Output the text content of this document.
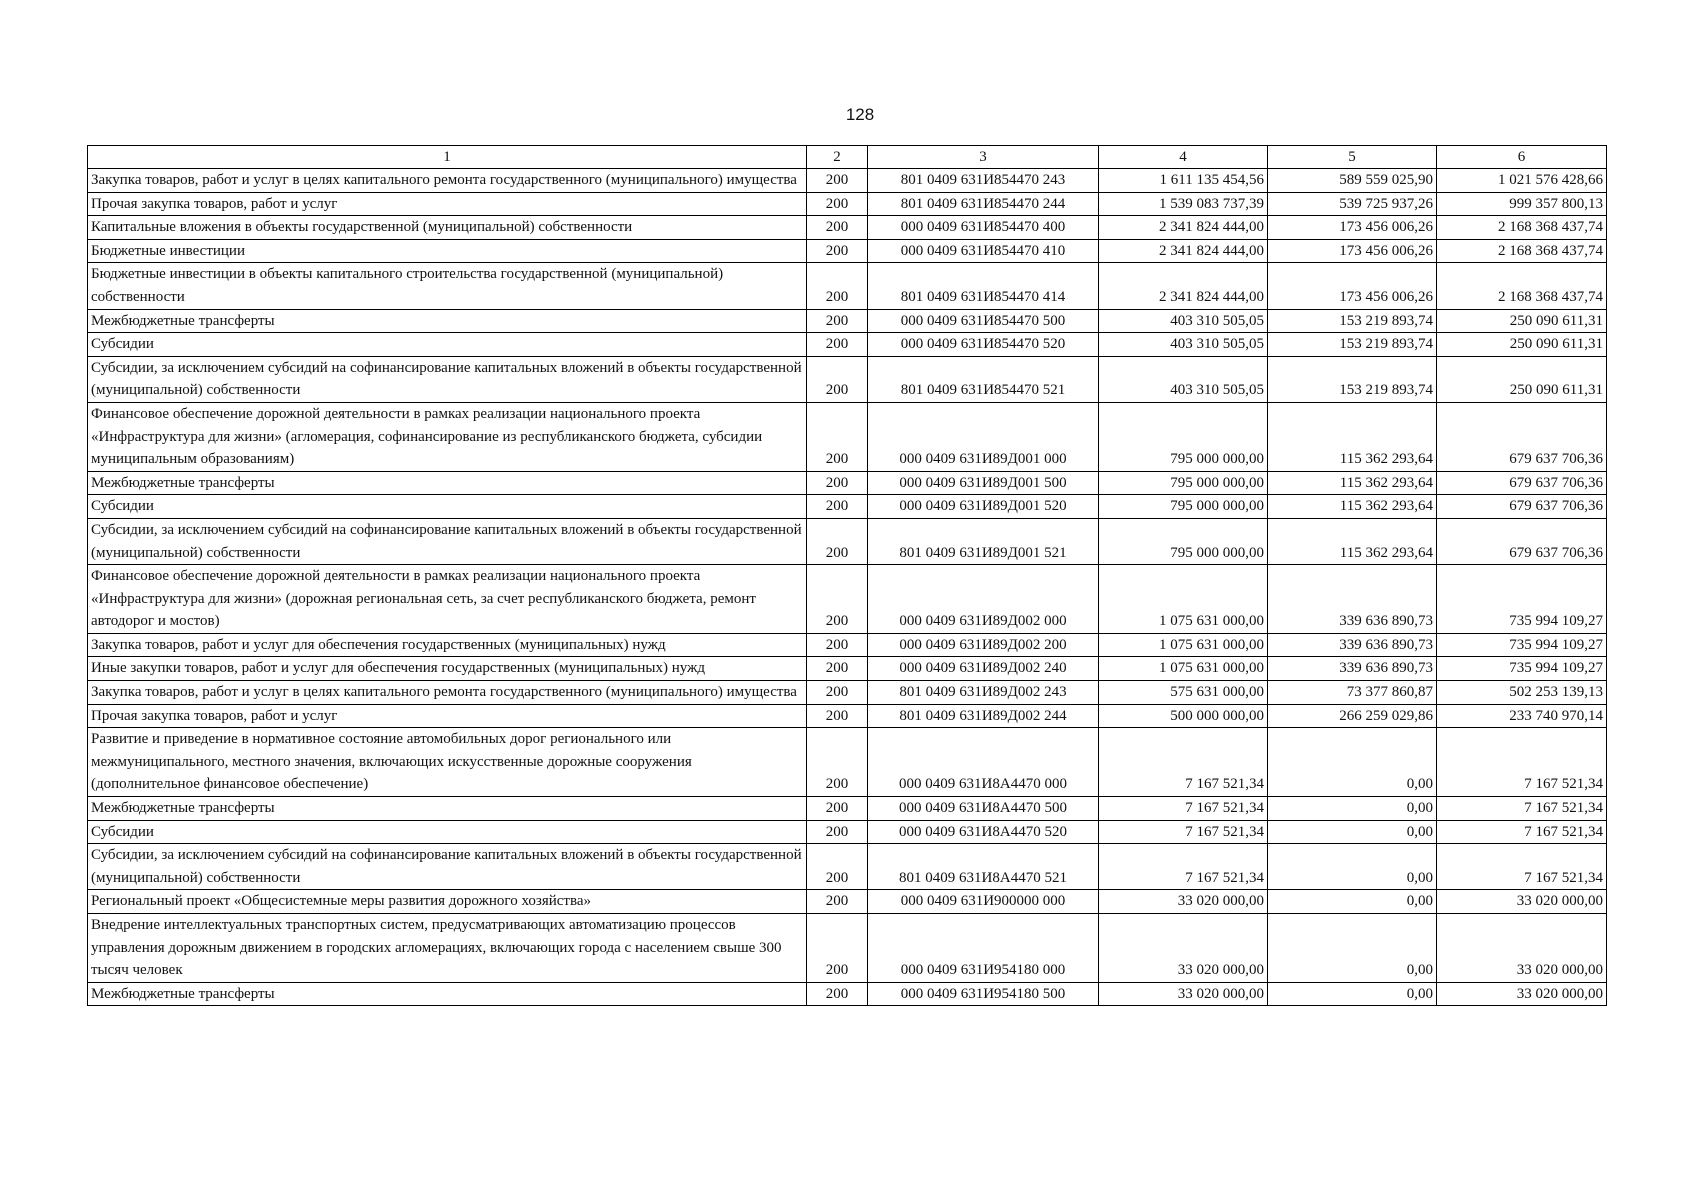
128
1	2	3	4	5	6
Закупка товаров, работ и услуг в целях капитального ремонта государственного (муниципального) имущества	200	801 0409 631И854470 243	1 611 135 454,56	589 559 025,90	1 021 576 428,66
Прочая закупка товаров, работ и услуг	200	801 0409 631И854470 244	1 539 083 737,39	539 725 937,26	999 357 800,13
Капитальные вложения в объекты государственной (муниципальной) собственности	200	000 0409 631И854470 400	2 341 824 444,00	173 456 006,26	2 168 368 437,74
Бюджетные инвестиции	200	000 0409 631И854470 410	2 341 824 444,00	173 456 006,26	2 168 368 437,74
Бюджетные инвестиции в объекты капитального строительства государственной (муниципальной) собственности	200	801 0409 631И854470 414	2 341 824 444,00	173 456 006,26	2 168 368 437,74
Межбюджетные трансферты	200	000 0409 631И854470 500	403 310 505,05	153 219 893,74	250 090 611,31
Субсидии	200	000 0409 631И854470 520	403 310 505,05	153 219 893,74	250 090 611,31
Субсидии, за исключением субсидий на софинансирование капитальных вложений в объекты государственной (муниципальной) собственности	200	801 0409 631И854470 521	403 310 505,05	153 219 893,74	250 090 611,31
Финансовое обеспечение дорожной деятельности в рамках реализации национального проекта «Инфраструктура для жизни» (агломерация, софинансирование из республиканского бюджета, субсидии муниципальным образованиям)	200	000 0409 631И89Д001 000	795 000 000,00	115 362 293,64	679 637 706,36
Межбюджетные трансферты	200	000 0409 631И89Д001 500	795 000 000,00	115 362 293,64	679 637 706,36
Субсидии	200	000 0409 631И89Д001 520	795 000 000,00	115 362 293,64	679 637 706,36
Субсидии, за исключением субсидий на софинансирование капитальных вложений в объекты государственной (муниципальной) собственности	200	801 0409 631И89Д001 521	795 000 000,00	115 362 293,64	679 637 706,36
Финансовое обеспечение дорожной деятельности в рамках реализации национального проекта «Инфраструктура для жизни» (дорожная региональная сеть, за счет республиканского бюджета, ремонт автодорог и мостов)	200	000 0409 631И89Д002 000	1 075 631 000,00	339 636 890,73	735 994 109,27
Закупка товаров, работ и услуг для обеспечения государственных (муниципальных) нужд	200	000 0409 631И89Д002 200	1 075 631 000,00	339 636 890,73	735 994 109,27
Иные закупки товаров, работ и услуг для обеспечения государственных (муниципальных) нужд	200	000 0409 631И89Д002 240	1 075 631 000,00	339 636 890,73	735 994 109,27
Закупка товаров, работ и услуг в целях капитального ремонта государственного (муниципального) имущества	200	801 0409 631И89Д002 243	575 631 000,00	73 377 860,87	502 253 139,13
Прочая закупка товаров, работ и услуг	200	801 0409 631И89Д002 244	500 000 000,00	266 259 029,86	233 740 970,14
Развитие и приведение в нормативное состояние автомобильных дорог регионального или межмуниципального, местного значения, включающих искусственные дорожные сооружения (дополнительное финансовое обеспечение)	200	000 0409 631И8А4470 000	7 167 521,34	0,00	7 167 521,34
Межбюджетные трансферты	200	000 0409 631И8А4470 500	7 167 521,34	0,00	7 167 521,34
Субсидии	200	000 0409 631И8А4470 520	7 167 521,34	0,00	7 167 521,34
Субсидии, за исключением субсидий на софинансирование капитальных вложений в объекты государственной (муниципальной) собственности	200	801 0409 631И8А4470 521	7 167 521,34	0,00	7 167 521,34
Региональный проект «Общесистемные меры развития дорожного хозяйства»	200	000 0409 631И900000 000	33 020 000,00	0,00	33 020 000,00
Внедрение интеллектуальных транспортных систем, предусматривающих автоматизацию процессов управления дорожным движением в городских агломерациях, включающих города с населением свыше 300 тысяч человек	200	000 0409 631И954180 000	33 020 000,00	0,00	33 020 000,00
Межбюджетные трансферты	200	000 0409 631И954180 500	33 020 000,00	0,00	33 020 000,00
